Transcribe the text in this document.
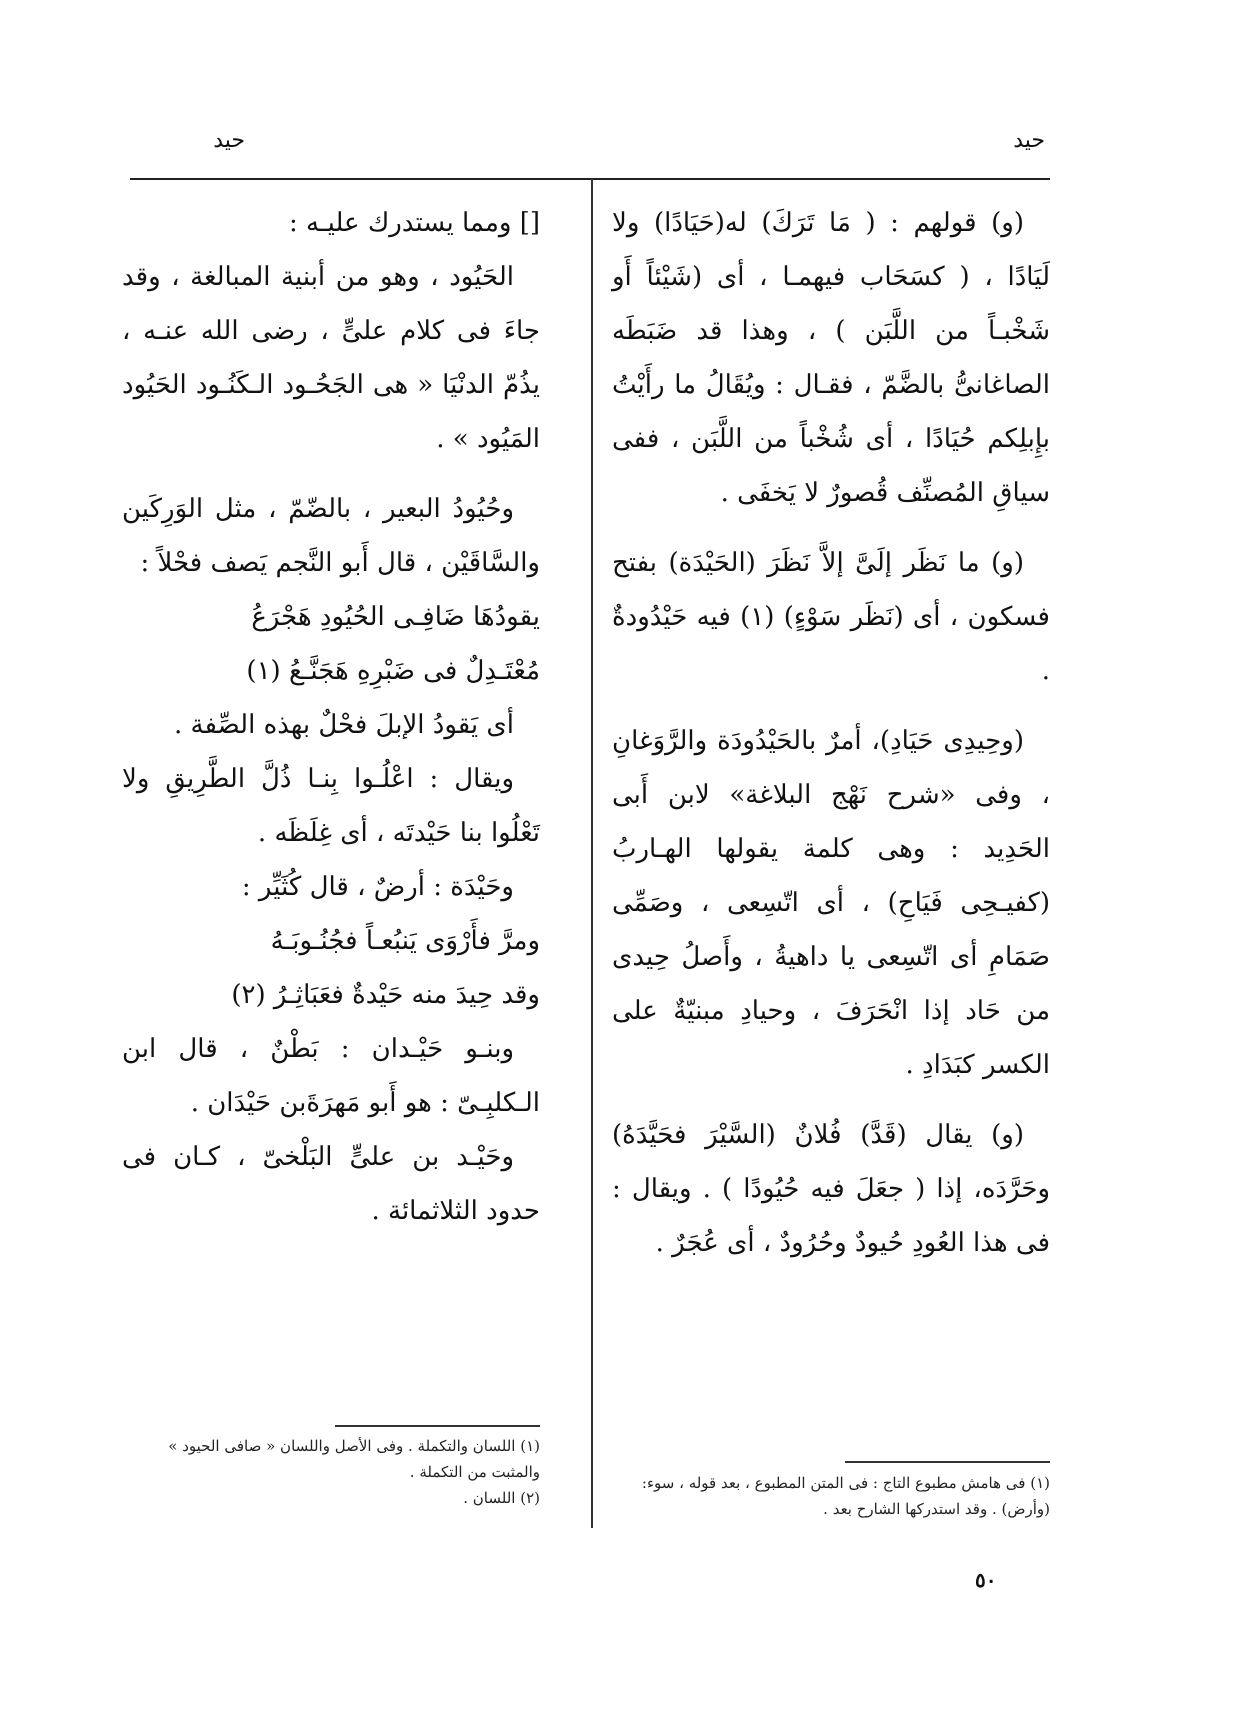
حيد
حيد

(و) قولهم : ( مَا تَرَكَ) له(حَيَادًا) ولا لَيَادًا ، ( كسَحَاب فيهمـا ، أى (شَيْئاً أَو شَخْبـاً من اللَّبَن ) ، وهذا قد ضَبَطَه الصاغانىُّ بالضَّمّ ، فقـال : ويُقَالُ ما رأَيْتُ بإِبلِكم حُيَادًا ، أى شُخْباً من اللَّبَن ، ففى سياقِ المُصنِّف قُصورٌ لا يَخفَى .

(و) ما نَظَر إلَىَّ إلاَّ نَظَرَ (الحَيْدَة) بفتح فسكون ، أى (نَظَر سَوْءٍ) (١) فيه حَيْدُودةٌ .

(وحِيدِى حَيَادِ)، أمرٌ بالحَيْدُودَة والرَّوَغانِ ، وفى «شرح نَهْج البلاغة» لابن أَبى الحَدِيد : وهى كلمة يقولها الهـاربُ (كفيـحِى فَيَاحِ) ، أى اتّسِعى ، وصَمِّى صَمَامِ أى اتّسِعى يا داهيةُ ، وأَصلُ حِيدى من حَاد إذا انْحَرَفَ ، وحيادِ مبنيّةٌ على الكسر كبَدَادِ .

(و) يقال (قَدَّ) فُلانٌ (السَّيْرَ فحَيَّدَهُ) وحَرَّدَه، إذا ( جعَلَ فيه حُيُودًا ) . ويقال : فى هذا العُودِ حُيودٌ وحُرُودٌ ، أى عُجَرٌ .

[] ومما يستدرك عليـه :

الحَيُود ، وهو من أبنية المبالغة ، وقد جاءَ فى كلام علىٍّ ، رضى الله عنـه ، يذُمّ الدنْيَا « هى الجَحُـود الـكَنُـود الحَيُود المَيُود » .

وحُيُودُ البعير ، بالضّمّ ، مثل الوَرِكَين والسَّاقَيْن ، قال أَبو النَّجم يَصف فحْلاً :

يقودُهَا ضَافِـى الحُيُودِ هَجْرَعُ
مُعْتَـدِلٌ فى ضَبْرِهِ هَجَنَّـعُ (١)

أى يَقودُ الإبلَ فحْلٌ بهذه الصِّفة .

ويقال : اعْلُـوا بِنـا ذُلَّ الطَّرِيقِ ولا تَعْلُوا بنا حَيْدتَه ، أى غِلَظَه .

وحَيْدَة : أرضٌ ، قال كُثَيِّر :

ومرَّ فأَرْوَى يَنبُعـاً فجُنُـوبَـهُ
وقد حِيدَ منه حَيْدةٌ فعَبَاثِـرُ (٢)

وبنـو حَيْـدان : بَطْنٌ ، قال ابن الـكلبِـىّ : هو أَبو مَهرَةَبن حَيْدَان .

وحَيْـد بن علىٍّ البَلْخىّ ، كـان فى حدود الثلاثمائة .

(١) فى هامش مطبوع التاج : فى المتن المطبوع ، بعد قوله ، سوء: (وأرض) . وقد استدركها الشارح بعد .

(١) اللسان والتكملة . وفى الأصل واللسان « صافى الحيود » والمثبت من التكملة .

(٢) اللسان .

٥٠
